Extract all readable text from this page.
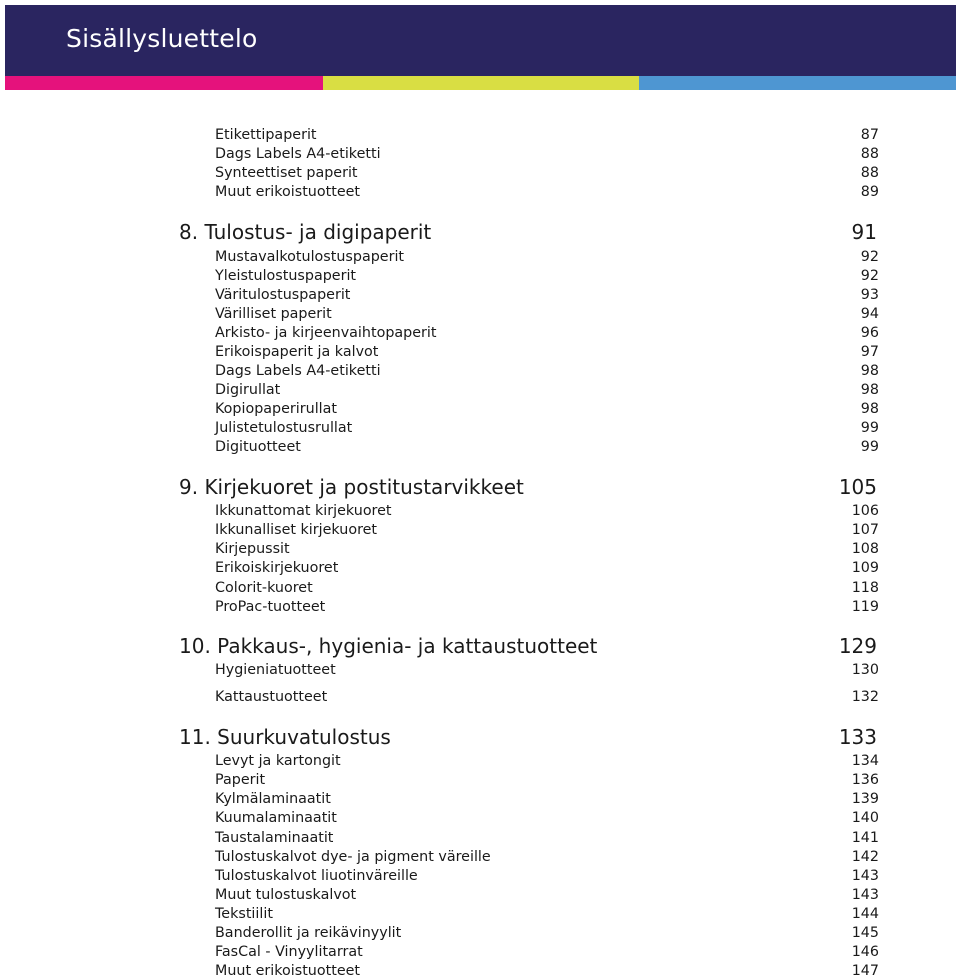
Sisällysluettelo
Etikettipaperit	87
Dags Labels A4-etiketti	88
Synteettiset paperit	88
Muut erikoistuotteet	89
8. Tulostus- ja digipaperit	91
Mustavalkotulostuspaperit	92
Yleistulostuspaperit	92
Väritulostuspaperit	93
Värilliset paperit	94
Arkisto- ja kirjeenvaihtopaperit	96
Erikoispaperit ja kalvot	97
Dags Labels A4-etiketti	98
Digirullat	98
Kopiopaperirullat	98
Julistetulostusrullat	99
Digituotteet	99
9. Kirjekuoret ja postitustarvikkeet	105
Ikkunattomat kirjekuoret	106
Ikkunalliset kirjekuoret	107
Kirjepussit	108
Erikoiskirjekuoret	109
Colorit-kuoret	118
ProPac-tuotteet	119
10. Pakkaus-, hygienia- ja kattaustuotteet	129
Hygieniatuotteet	130
Kattaustuotteet	132
11. Suurkuvatulostus	133
Levyt ja kartongit	134
Paperit	136
Kylmälaminaatit	139
Kuumalaminaatit	140
Taustalaminaatit	141
Tulostuskalvot dye- ja pigment väreille	142
Tulostuskalvot liuotinväreille	143
Muut tulostuskalvot	143
Tekstiilit	144
Banderollit ja reikävinyylit	145
FasCal - Vinyylitarrat	146
Muut erikoistuotteet	147
